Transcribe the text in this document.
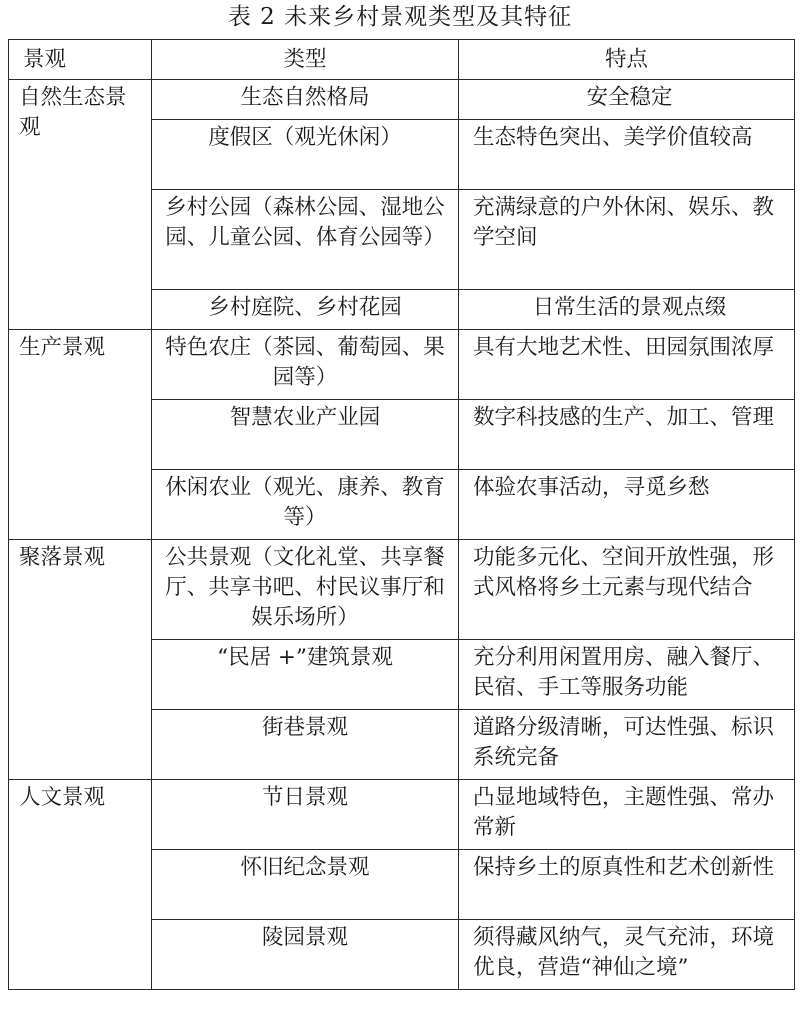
表 2 未来乡村景观类型及其特征
景观	类型	特点

自然生态景观	生态自然格局	安全稳定

	度假区（观光休闲）	生态特色突出、美学价值较高

	乡村公园（森林公园、湿地公园、儿童公园、体育公园等）	充满绿意的户外休闲、娱乐、教学空间

	乡村庭院、乡村花园	日常生活的景观点缀

生产景观	特色农庄（茶园、葡萄园、果园等）	具有大地艺术性、田园氛围浓厚

	智慧农业产业园	数字科技感的生产、加工、管理

	休闲农业（观光、康养、教育等）	体验农事活动，寻觅乡愁

聚落景观	公共景观（文化礼堂、共享餐厅、共享书吧、村民议事厅和娱乐场所）	功能多元化、空间开放性强，形式风格将乡土元素与现代结合

	“民居 +”建筑景观	充分利用闲置用房、融入餐厅、民宿、手工等服务功能

	街巷景观	道路分级清晰，可达性强、标识系统完备

人文景观	节日景观	凸显地域特色，主题性强、常办常新

	怀旧纪念景观	保持乡土的原真性和艺术创新性

	陵园景观	须得藏风纳气，灵气充沛，环境优良，营造“神仙之境”
